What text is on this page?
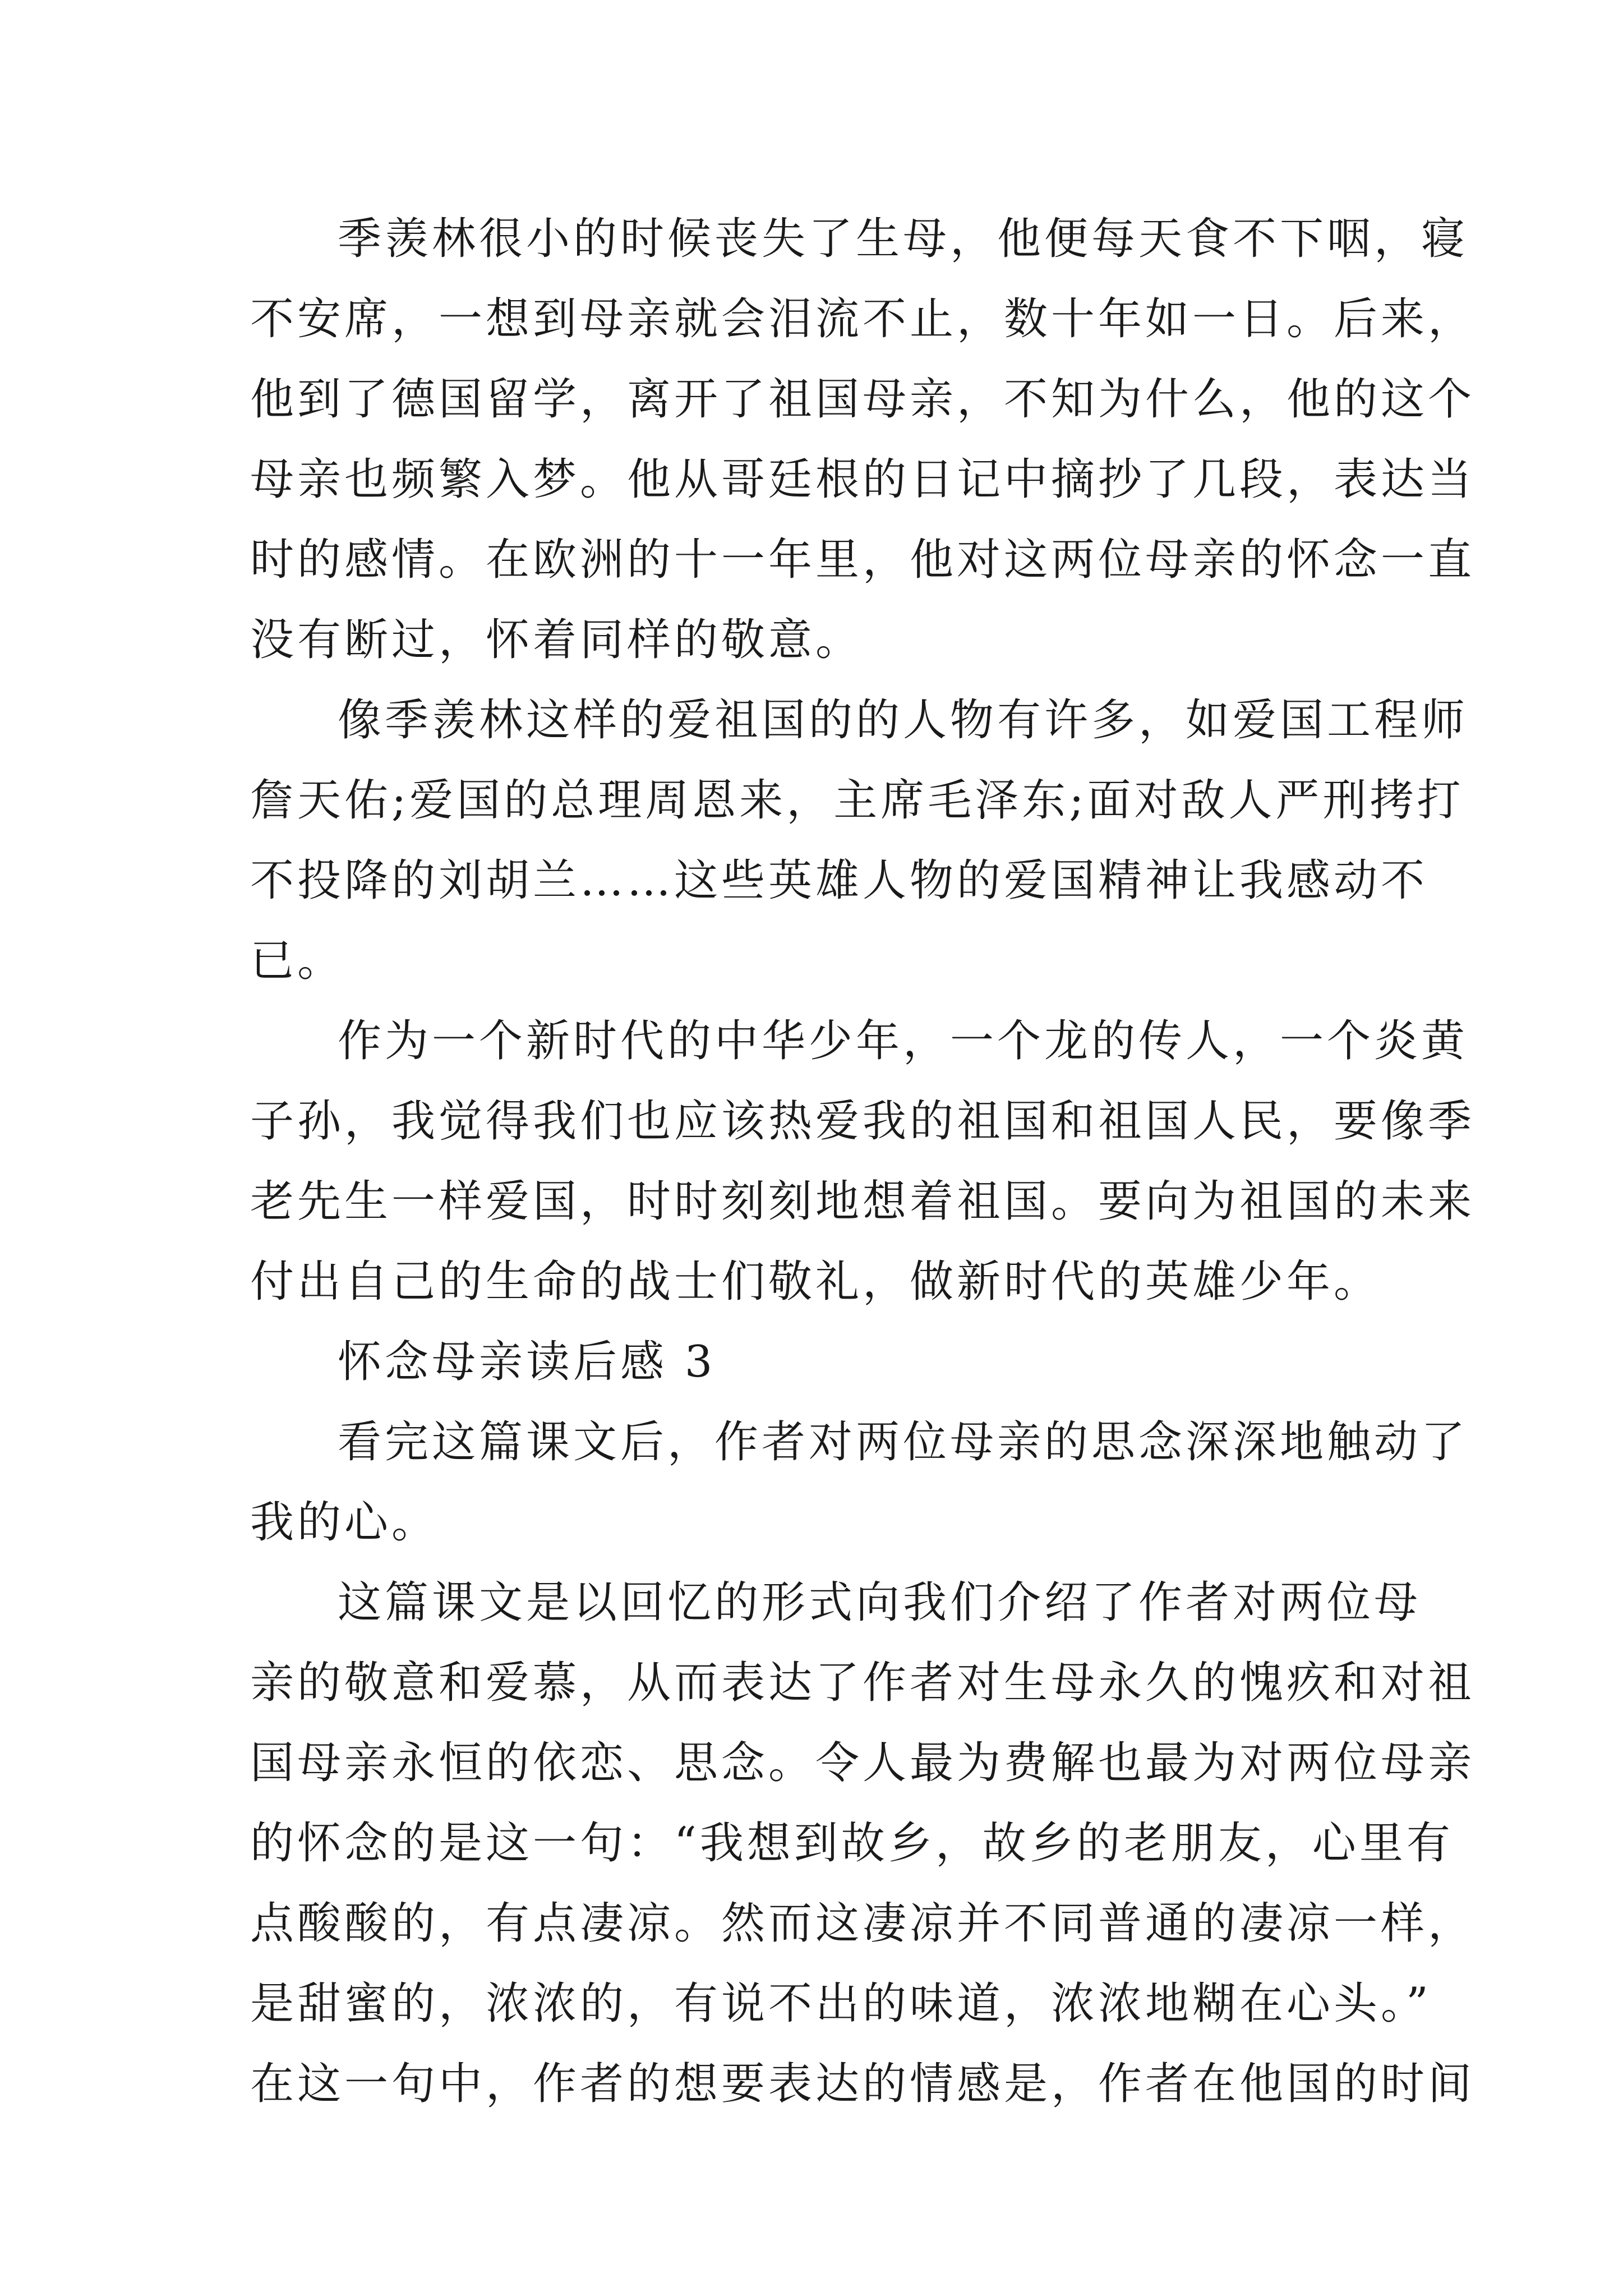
季羡林很小的时候丧失了生母，他便每天食不下咽，寝
不安席，一想到母亲就会泪流不止，数十年如一日。后来，
他到了德国留学，离开了祖国母亲，不知为什么，他的这个
母亲也频繁入梦。他从哥廷根的日记中摘抄了几段，表达当
时的感情。在欧洲的十一年里，他对这两位母亲的怀念一直
没有断过，怀着同样的敬意。
像季羡林这样的爱祖国的的人物有许多，如爱国工程师
詹天佑;爱国的总理周恩来，主席毛泽东;面对敌人严刑拷打
不投降的刘胡兰……这些英雄人物的爱国精神让我感动不
已。
作为一个新时代的中华少年，一个龙的传人，一个炎黄
子孙，我觉得我们也应该热爱我的祖国和祖国人民，要像季
老先生一样爱国，时时刻刻地想着祖国。要向为祖国的未来
付出自己的生命的战士们敬礼，做新时代的英雄少年。
怀念母亲读后感 3
看完这篇课文后，作者对两位母亲的思念深深地触动了
我的心。
这篇课文是以回忆的形式向我们介绍了作者对两位母
亲的敬意和爱慕，从而表达了作者对生母永久的愧疚和对祖
国母亲永恒的依恋、思念。令人最为费解也最为对两位母亲
的怀念的是这一句：“我想到故乡，故乡的老朋友，心里有
点酸酸的，有点凄凉。然而这凄凉并不同普通的凄凉一样，
是甜蜜的，浓浓的，有说不出的味道，浓浓地糊在心头。”
在这一句中，作者的想要表达的情感是，作者在他国的时间
